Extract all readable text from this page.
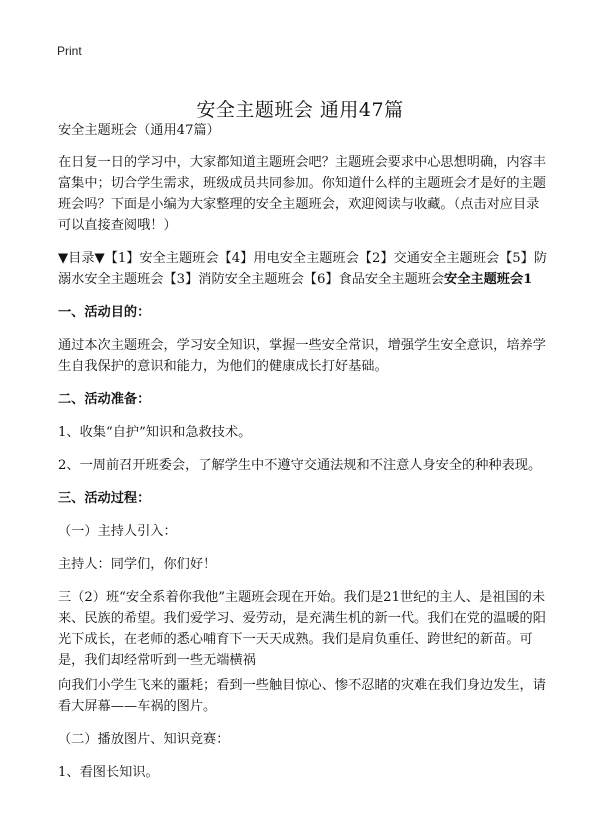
Print
安全主题班会 通用47篇

安全主题班会（通用47篇）

在日复一日的学习中，大家都知道主题班会吧？主题班会要求中心思想明确，内容丰富集中；切合学生需求，班级成员共同参加。你知道什么样的主题班会才是好的主题班会吗？下面是小编为大家整理的安全主题班会，欢迎阅读与收藏。（点击对应目录可以直接查阅哦！）

▼目录▼【1】安全主题班会【4】用电安全主题班会【2】交通安全主题班会【5】防溺水安全主题班会【3】消防安全主题班会【6】食品安全主题班会安全主题班会1

一、活动目的：

通过本次主题班会，学习安全知识，掌握一些安全常识，增强学生安全意识，培养学生自我保护的意识和能力，为他们的健康成长打好基础。

二、活动准备：

1、收集“自护”知识和急救技术。

2、一周前召开班委会，了解学生中不遵守交通法规和不注意人身安全的种种表现。

三、活动过程：

（一）主持人引入：

主持人：同学们，你们好！

三（2）班“安全系着你我他”主题班会现在开始。我们是21世纪的主人、是祖国的未来、民族的希望。我们爱学习、爱劳动，是充满生机的新一代。我们在党的温暖的阳光下成长，在老师的悉心哺育下一天天成熟。我们是肩负重任、跨世纪的新苗。可是，我们却经常听到一些无端横祸

向我们小学生飞来的噩耗；看到一些触目惊心、惨不忍睹的灾难在我们身边发生，请看大屏幕——车祸的图片。

（二）播放图片、知识竞赛：

1、看图长知识。
